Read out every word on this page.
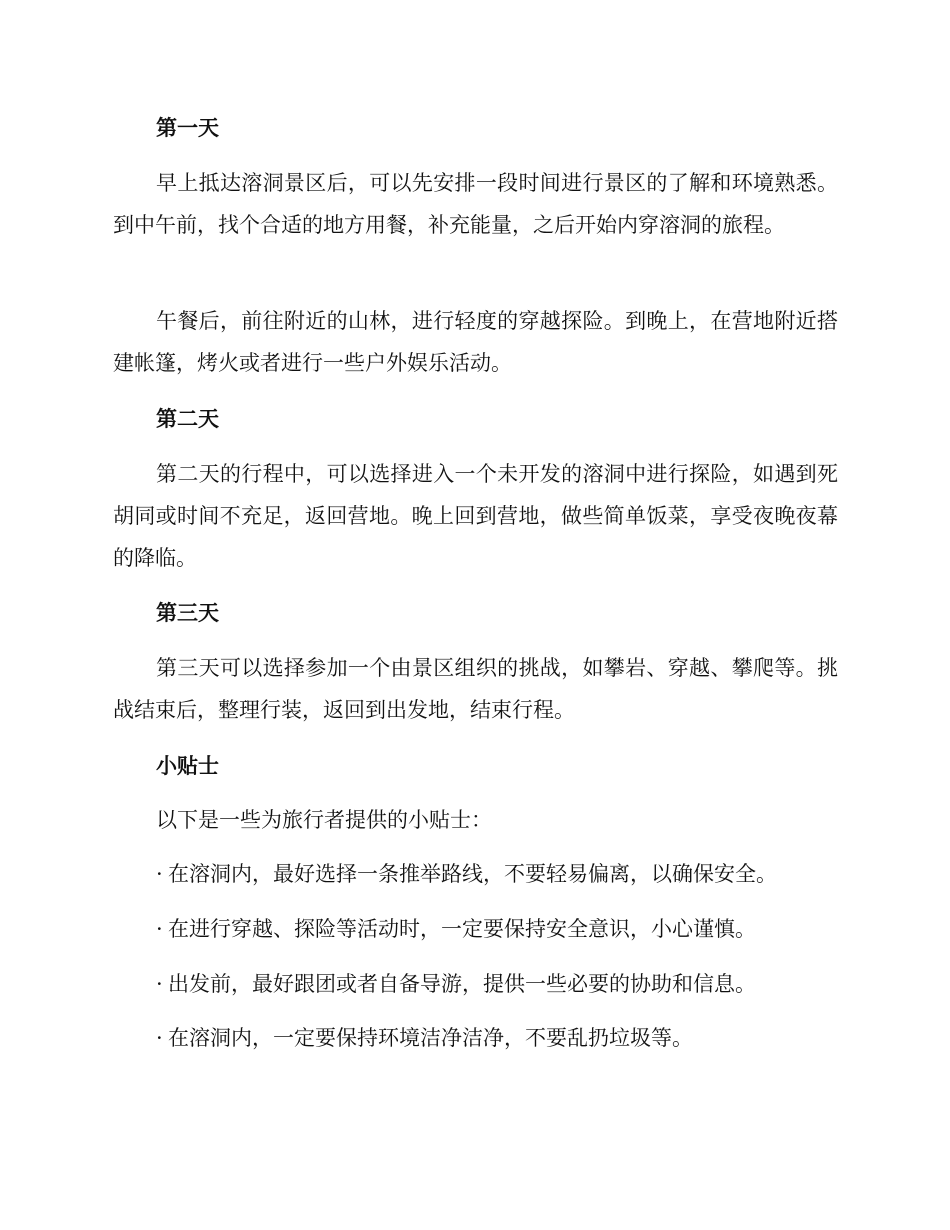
第一天

早上抵达溶洞景区后，可以先安排一段时间进行景区的了解和环境熟悉。到中午前，找个合适的地方用餐，补充能量，之后开始内穿溶洞的旅程。

午餐后，前往附近的山林，进行轻度的穿越探险。到晚上，在营地附近搭建帐篷，烤火或者进行一些户外娱乐活动。

第二天

第二天的行程中，可以选择进入一个未开发的溶洞中进行探险，如遇到死胡同或时间不充足，返回营地。晚上回到营地，做些简单饭菜，享受夜晚夜幕的降临。

第三天

第三天可以选择参加一个由景区组织的挑战，如攀岩、穿越、攀爬等。挑战结束后，整理行装，返回到出发地，结束行程。

小贴士

以下是一些为旅行者提供的小贴士：

· 在溶洞内，最好选择一条推举路线，不要轻易偏离，以确保安全。

· 在进行穿越、探险等活动时，一定要保持安全意识，小心谨慎。

· 出发前，最好跟团或者自备导游，提供一些必要的协助和信息。

· 在溶洞内，一定要保持环境洁净洁净，不要乱扔垃圾等。
